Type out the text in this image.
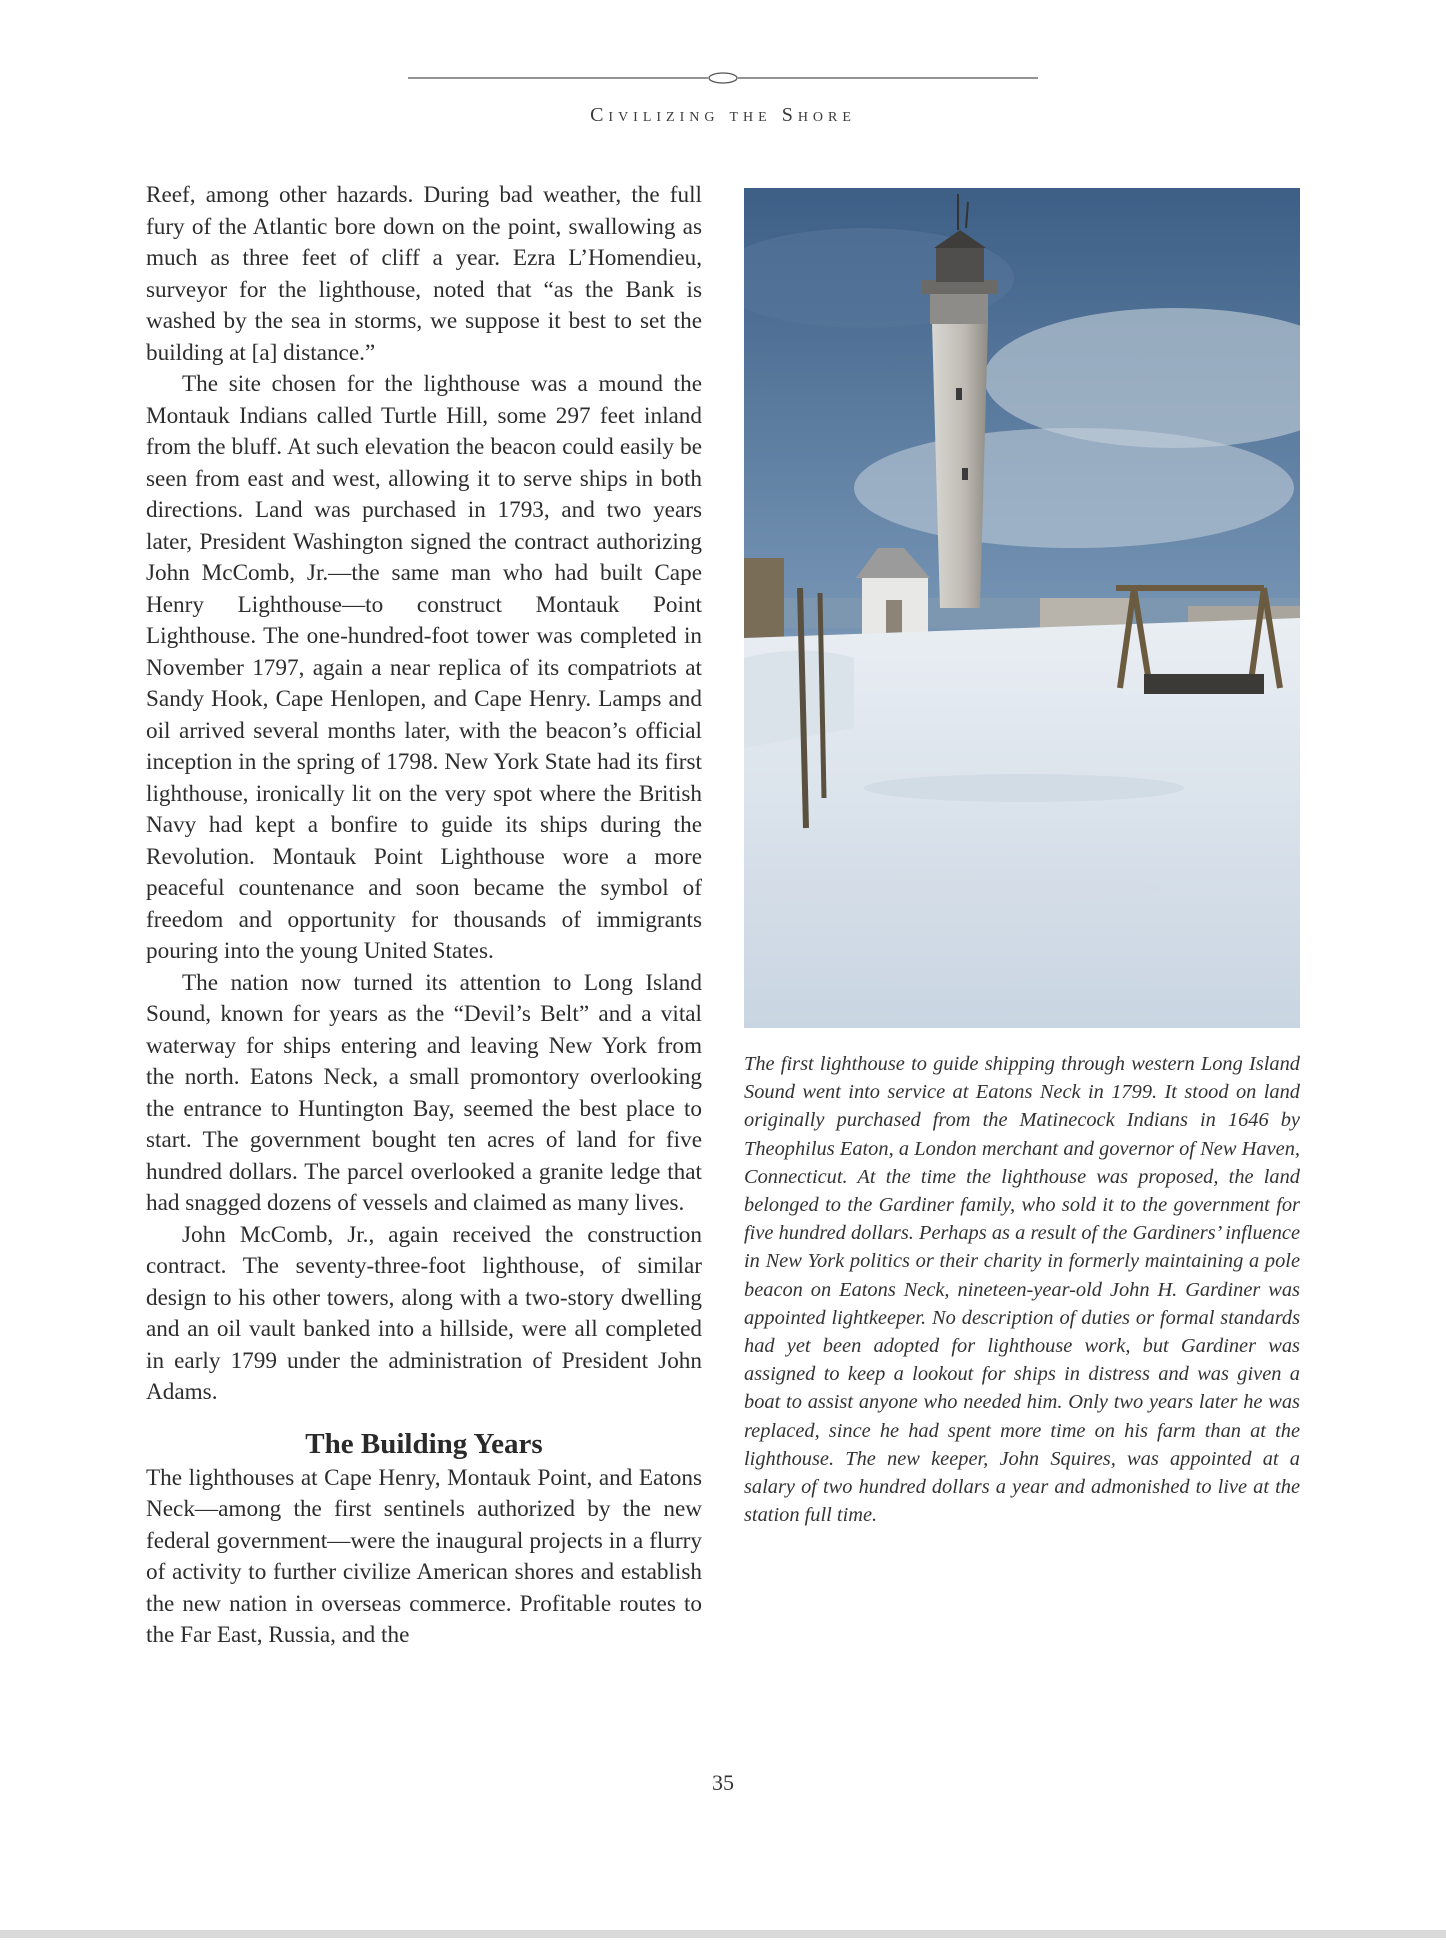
Civilizing the Shore

Reef, among other hazards. During bad weather, the full fury of the Atlantic bore down on the point, swallowing as much as three feet of cliff a year. Ezra L’Homendieu, surveyor for the lighthouse, noted that “as the Bank is washed by the sea in storms, we suppose it best to set the building at [a] distance.”

The site chosen for the lighthouse was a mound the Montauk Indians called Turtle Hill, some 297 feet inland from the bluff. At such elevation the beacon could easily be seen from east and west, allowing it to serve ships in both directions. Land was purchased in 1793, and two years later, President Washington signed the contract authorizing John McComb, Jr.—the same man who had built Cape Henry Lighthouse—to construct Montauk Point Lighthouse. The one-hundred-foot tower was completed in November 1797, again a near replica of its compatriots at Sandy Hook, Cape Henlopen, and Cape Henry. Lamps and oil arrived several months later, with the beacon’s official inception in the spring of 1798. New York State had its first lighthouse, ironically lit on the very spot where the British Navy had kept a bonfire to guide its ships during the Revolution. Montauk Point Lighthouse wore a more peaceful countenance and soon became the symbol of freedom and opportunity for thousands of immigrants pouring into the young United States.

The nation now turned its attention to Long Island Sound, known for years as the “Devil’s Belt” and a vital waterway for ships entering and leaving New York from the north. Eatons Neck, a small promontory overlooking the entrance to Huntington Bay, seemed the best place to start. The government bought ten acres of land for five hundred dollars. The parcel overlooked a granite ledge that had snagged dozens of vessels and claimed as many lives.

John McComb, Jr., again received the construction contract. The seventy-three-foot lighthouse, of similar design to his other towers, along with a two-story dwelling and an oil vault banked into a hillside, were all completed in early 1799 under the administration of President John Adams.

The Building Years

The lighthouses at Cape Henry, Montauk Point, and Eatons Neck—among the first sentinels authorized by the new federal government—were the inaugural projects in a flurry of activity to further civilize American shores and establish the new nation in overseas commerce. Profitable routes to the Far East, Russia, and the

The first lighthouse to guide shipping through western Long Island Sound went into service at Eatons Neck in 1799. It stood on land originally purchased from the Matinecock Indians in 1646 by Theophilus Eaton, a London merchant and governor of New Haven, Connecticut. At the time the lighthouse was proposed, the land belonged to the Gardiner family, who sold it to the government for five hundred dollars. Perhaps as a result of the Gardiners’ influence in New York politics or their charity in formerly maintaining a pole beacon on Eatons Neck, nineteen-year-old John H. Gardiner was appointed lightkeeper. No description of duties or formal standards had yet been adopted for lighthouse work, but Gardiner was assigned to keep a lookout for ships in distress and was given a boat to assist anyone who needed him. Only two years later he was replaced, since he had spent more time on his farm than at the lighthouse. The new keeper, John Squires, was appointed at a salary of two hundred dollars a year and admonished to live at the station full time.
35
